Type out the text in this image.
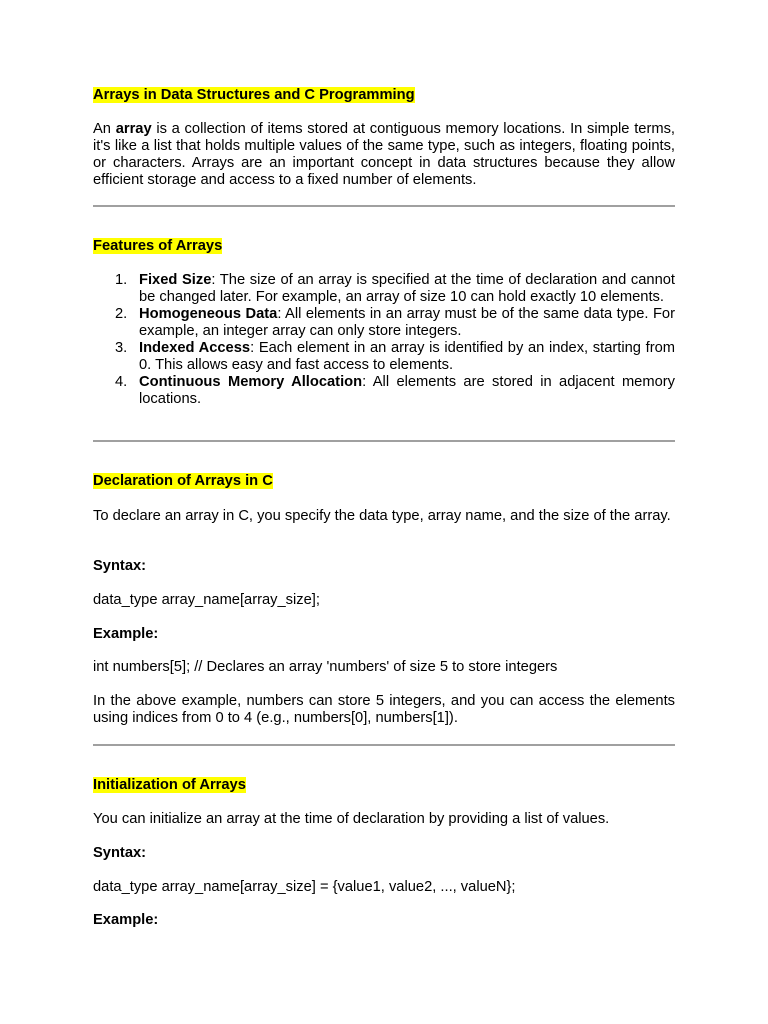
Arrays in Data Structures and C Programming
An array is a collection of items stored at contiguous memory locations. In simple terms, it's like a list that holds multiple values of the same type, such as integers, floating points, or characters. Arrays are an important concept in data structures because they allow efficient storage and access to a fixed number of elements.
Features of Arrays
1. Fixed Size: The size of an array is specified at the time of declaration and cannot be changed later. For example, an array of size 10 can hold exactly 10 elements.
2. Homogeneous Data: All elements in an array must be of the same data type. For example, an integer array can only store integers.
3. Indexed Access: Each element in an array is identified by an index, starting from 0. This allows easy and fast access to elements.
4. Continuous Memory Allocation: All elements are stored in adjacent memory locations.
Declaration of Arrays in C
To declare an array in C, you specify the data type, array name, and the size of the array.
Syntax:
data_type array_name[array_size];
Example:
int numbers[5]; // Declares an array 'numbers' of size 5 to store integers
In the above example, numbers can store 5 integers, and you can access the elements using indices from 0 to 4 (e.g., numbers[0], numbers[1]).
Initialization of Arrays
You can initialize an array at the time of declaration by providing a list of values.
Syntax:
data_type array_name[array_size] = {value1, value2, ..., valueN};
Example:
